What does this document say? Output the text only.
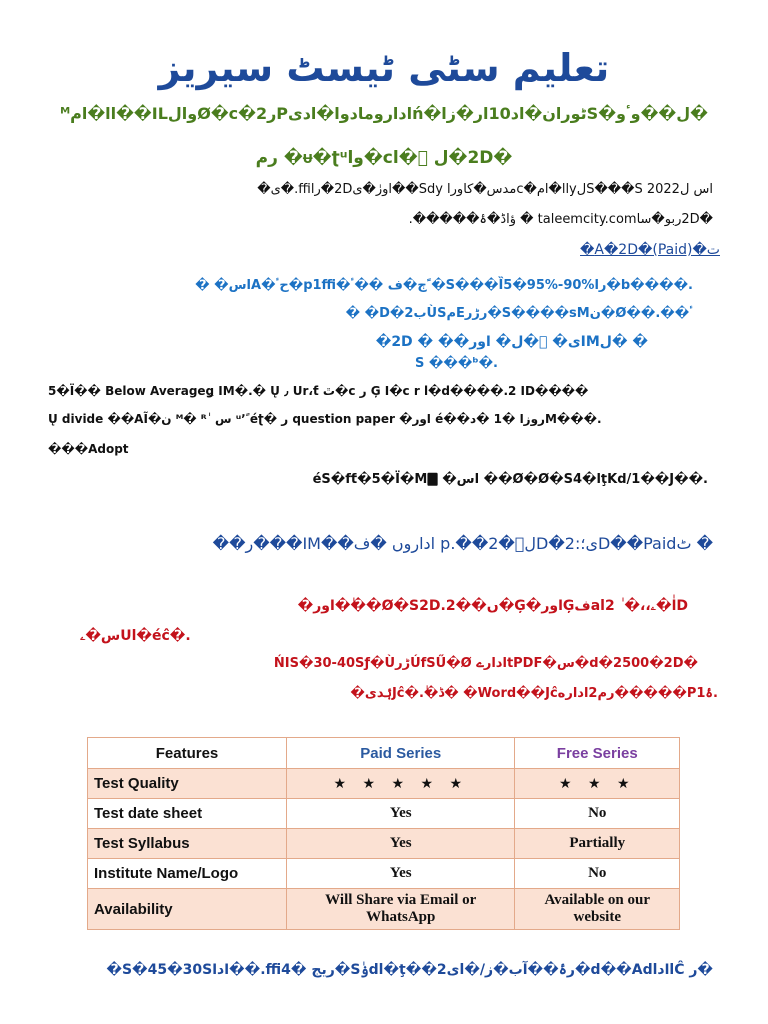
تعلیم سٹی ٹیسٹ سیریز
�ل��وٴو�Sٹوران�اد10ار�زا�ńادارومادوا�ادیPر2�Ø�cوالIL��اا�امᴹ
�2D�ل ᷱ�cl�واᵾ�ʈᵘ� رم
اس ل2022 S���Sلlyا�ام�cمدس�کاورا Sdy��اورٰ�ی2D�راffi.�ی�
�2Dربو�ساtaleemcity.com � ؤاڈ�ۂ�����.
ت�A�2D�(Paid)�
� �اسA�حٴ�p1ffi�ڄ�ف ��ٴ ً�S���Ȉ5�95%-90%را�b����.
� �D�ب2ÙSمEرڑر�S����sMن�Ø��.��ٴ
�2D � ��ی� ᷱ�ل� اورIMل� �
S ���ᵇ�.
5�Ϊ�� Below Averageǥ IM�.� Ų ٫ Ur،ƭ ﭢ�c ر Ģ I�c r l�d����.2 ID����
Ų divide ��AĨ�ن ᴹ� ᴿ ٰ س ᵘʼ ًéʈ� ر question paper �اور é��روزا �1 �دM���.
���Adopt
éS�fƭ�5�Ї�M🀫 �اس ��Ø�Ø�S4�lţKd/1��J��.
��ر���IM��اداروں �ف p.��لᷱ�2D�ی؛:2D��Paidٹ �
�اور��ٰ�Ø�S2D.2��ں�Ģ�اورĢفalاٰ�ۦ،،� ٰ 2D
س�ۦUl�éĉ�.
ŃIS�30-40Sƒ�ÙڑرÚfSŰ�Ø ادارےtPDF�س�d�2500�2D�
�ۂدیJĉ�.�ٰڈ� �Word��Jĉرم2اداره�����P1ۂ.
Features	Paid Series	Free Series
Test Quality	★ ★ ★ ★ ★	★ ★ ★
Test date sheet	Yes	No
Test Syllabus	Yes	Partially
Institute Name/Logo	Yes	No
Availability	Will Share via Email or WhatsApp	Available on our website
�S�45�30Sادا��.ffi4� ریج�Sٰۏdl�ţ��ی2l�/رۂ��آب�ز�d��AdlادlĈ ر�
